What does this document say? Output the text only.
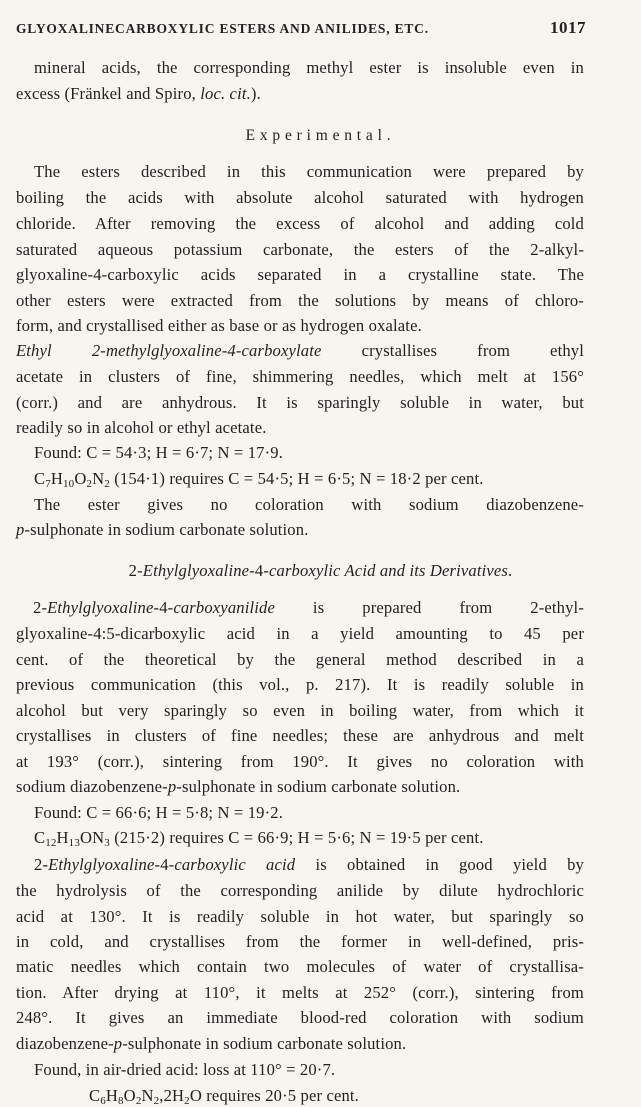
GLYOXALINECARBOXYLIC ESTERS AND ANILIDES, ETC.	1017
mineral acids, the corresponding methyl ester is insoluble even in
excess (Fränkel and Spiro, loc. cit.).
Experimental.
The esters described in this communication were prepared by
boiling the acids with absolute alcohol saturated with hydrogen
chloride. After removing the excess of alcohol and adding cold
saturated aqueous potassium carbonate, the esters of the 2-alkyl-
glyoxaline-4-carboxylic acids separated in a crystalline state. The
other esters were extracted from the solutions by means of chloro-
form, and crystallised either as base or as hydrogen oxalate.
Ethyl 2-methylglyoxaline-4-carboxylate crystallises from ethyl
acetate in clusters of fine, shimmering needles, which melt at 156°
(corr.) and are anhydrous. It is sparingly soluble in water, but
readily so in alcohol or ethyl acetate.
Found: C = 54·3; H = 6·7; N = 17·9.
$C_7H_{10}O_2N_2$ (154·1) requires C = 54·5; H = 6·5; N = 18·2 per cent.
The ester gives no coloration with sodium diazobenzene-
p-sulphonate in sodium carbonate solution.
2-Ethylglyoxaline-4-carboxylic Acid and its Derivatives.
2-Ethylglyoxaline-4-carboxyanilide is prepared from 2-ethyl-
glyoxaline-4:5-dicarboxylic acid in a yield amounting to 45 per
cent. of the theoretical by the general method described in a
previous communication (this vol., p. 217). It is readily soluble in
alcohol but very sparingly so even in boiling water, from which it
crystallises in clusters of fine needles; these are anhydrous and melt
at 193° (corr.), sintering from 190°. It gives no coloration with
sodium diazobenzene-p-sulphonate in sodium carbonate solution.
Found: C = 66·6; H = 5·8; N = 19·2.
$C_{12}H_{13}ON_3$ (215·2) requires C = 66·9; H = 5·6; N = 19·5 per cent.
2-Ethylglyoxaline-4-carboxylic acid is obtained in good yield by
the hydrolysis of the corresponding anilide by dilute hydrochloric
acid at 130°. It is readily soluble in hot water, but sparingly so
in cold, and crystallises from the former in well-defined, pris-
matic needles which contain two molecules of water of crystallisa-
tion. After drying at 110°, it melts at 252° (corr.), sintering from
248°. It gives an immediate blood-red coloration with sodium
diazobenzene-p-sulphonate in sodium carbonate solution.
Found, in air-dried acid: loss at 110° = 20·7.
$C_6H_8O_2N_2,2H_2O$ requires 20·5 per cent.
